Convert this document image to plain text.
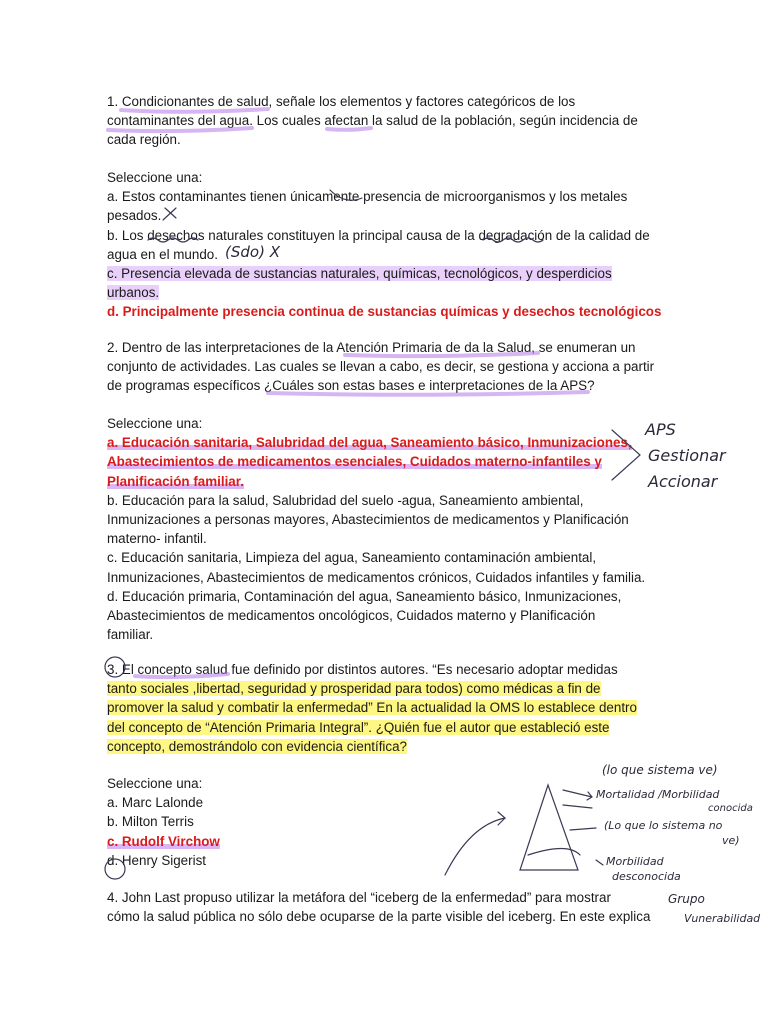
1. Condicionantes de salud, señale los elementos y factores categóricos de los
contaminantes del agua. Los cuales afectan la salud de la población, según incidencia de
cada región.
Seleccione una:
a. Estos contaminantes tienen únicamente presencia de microorganismos y los metales
pesados.
b. Los desechos naturales constituyen la principal causa de la degradación de la calidad de
agua en el mundo.
c. Presencia elevada de sustancias naturales, químicas, tecnológicos, y desperdicios
urbanos.
d. Principalmente presencia continua de sustancias químicas y desechos tecnológicos
2. Dentro de las interpretaciones de la Atención Primaria de da la Salud, se enumeran un
conjunto de actividades. Las cuales se llevan a cabo, es decir, se gestiona y acciona a partir
de programas específicos ¿Cuáles son estas bases e interpretaciones de la APS?
Seleccione una:
a. Educación sanitaria, Salubridad del agua, Saneamiento básico, Inmunizaciones,
Abastecimientos de medicamentos esenciales, Cuidados materno-infantiles y
Planificación familiar.
b. Educación para la salud, Salubridad del suelo -agua, Saneamiento ambiental,
Inmunizaciones a personas mayores, Abastecimientos de medicamentos y Planificación
materno- infantil.
c. Educación sanitaria, Limpieza del agua, Saneamiento contaminación ambiental,
Inmunizaciones, Abastecimientos de medicamentos crónicos, Cuidados infantiles y familia.
d. Educación primaria, Contaminación del agua, Saneamiento básico, Inmunizaciones,
Abastecimientos de medicamentos oncológicos, Cuidados materno y Planificación
familiar.
3. El concepto salud fue definido por distintos autores. “Es necesario adoptar medidas
tanto sociales ,libertad, seguridad y prosperidad para todos) como médicas a fin de
promover la salud y combatir la enfermedad” En la actualidad la OMS lo establece dentro
del concepto de “Atención Primaria Integral”. ¿Quién fue el autor que estableció este
concepto, demostrándolo con evidencia científica?
Seleccione una:
a. Marc Lalonde
b. Milton Terris
c. Rudolf Virchow
d. Henry Sigerist
4. John Last propuso utilizar la metáfora del “iceberg de la enfermedad” para mostrar
cómo la salud pública no sólo debe ocuparse de la parte visible del iceberg. En este explica
(Sdo) X
APS
Gestionar
Accionar
(lo que sistema ve)
Mortalidad /Morbilidad
conocida
(Lo que lo sistema no
ve)
Morbilidad
desconocida
Grupo
Vunerabilidad
